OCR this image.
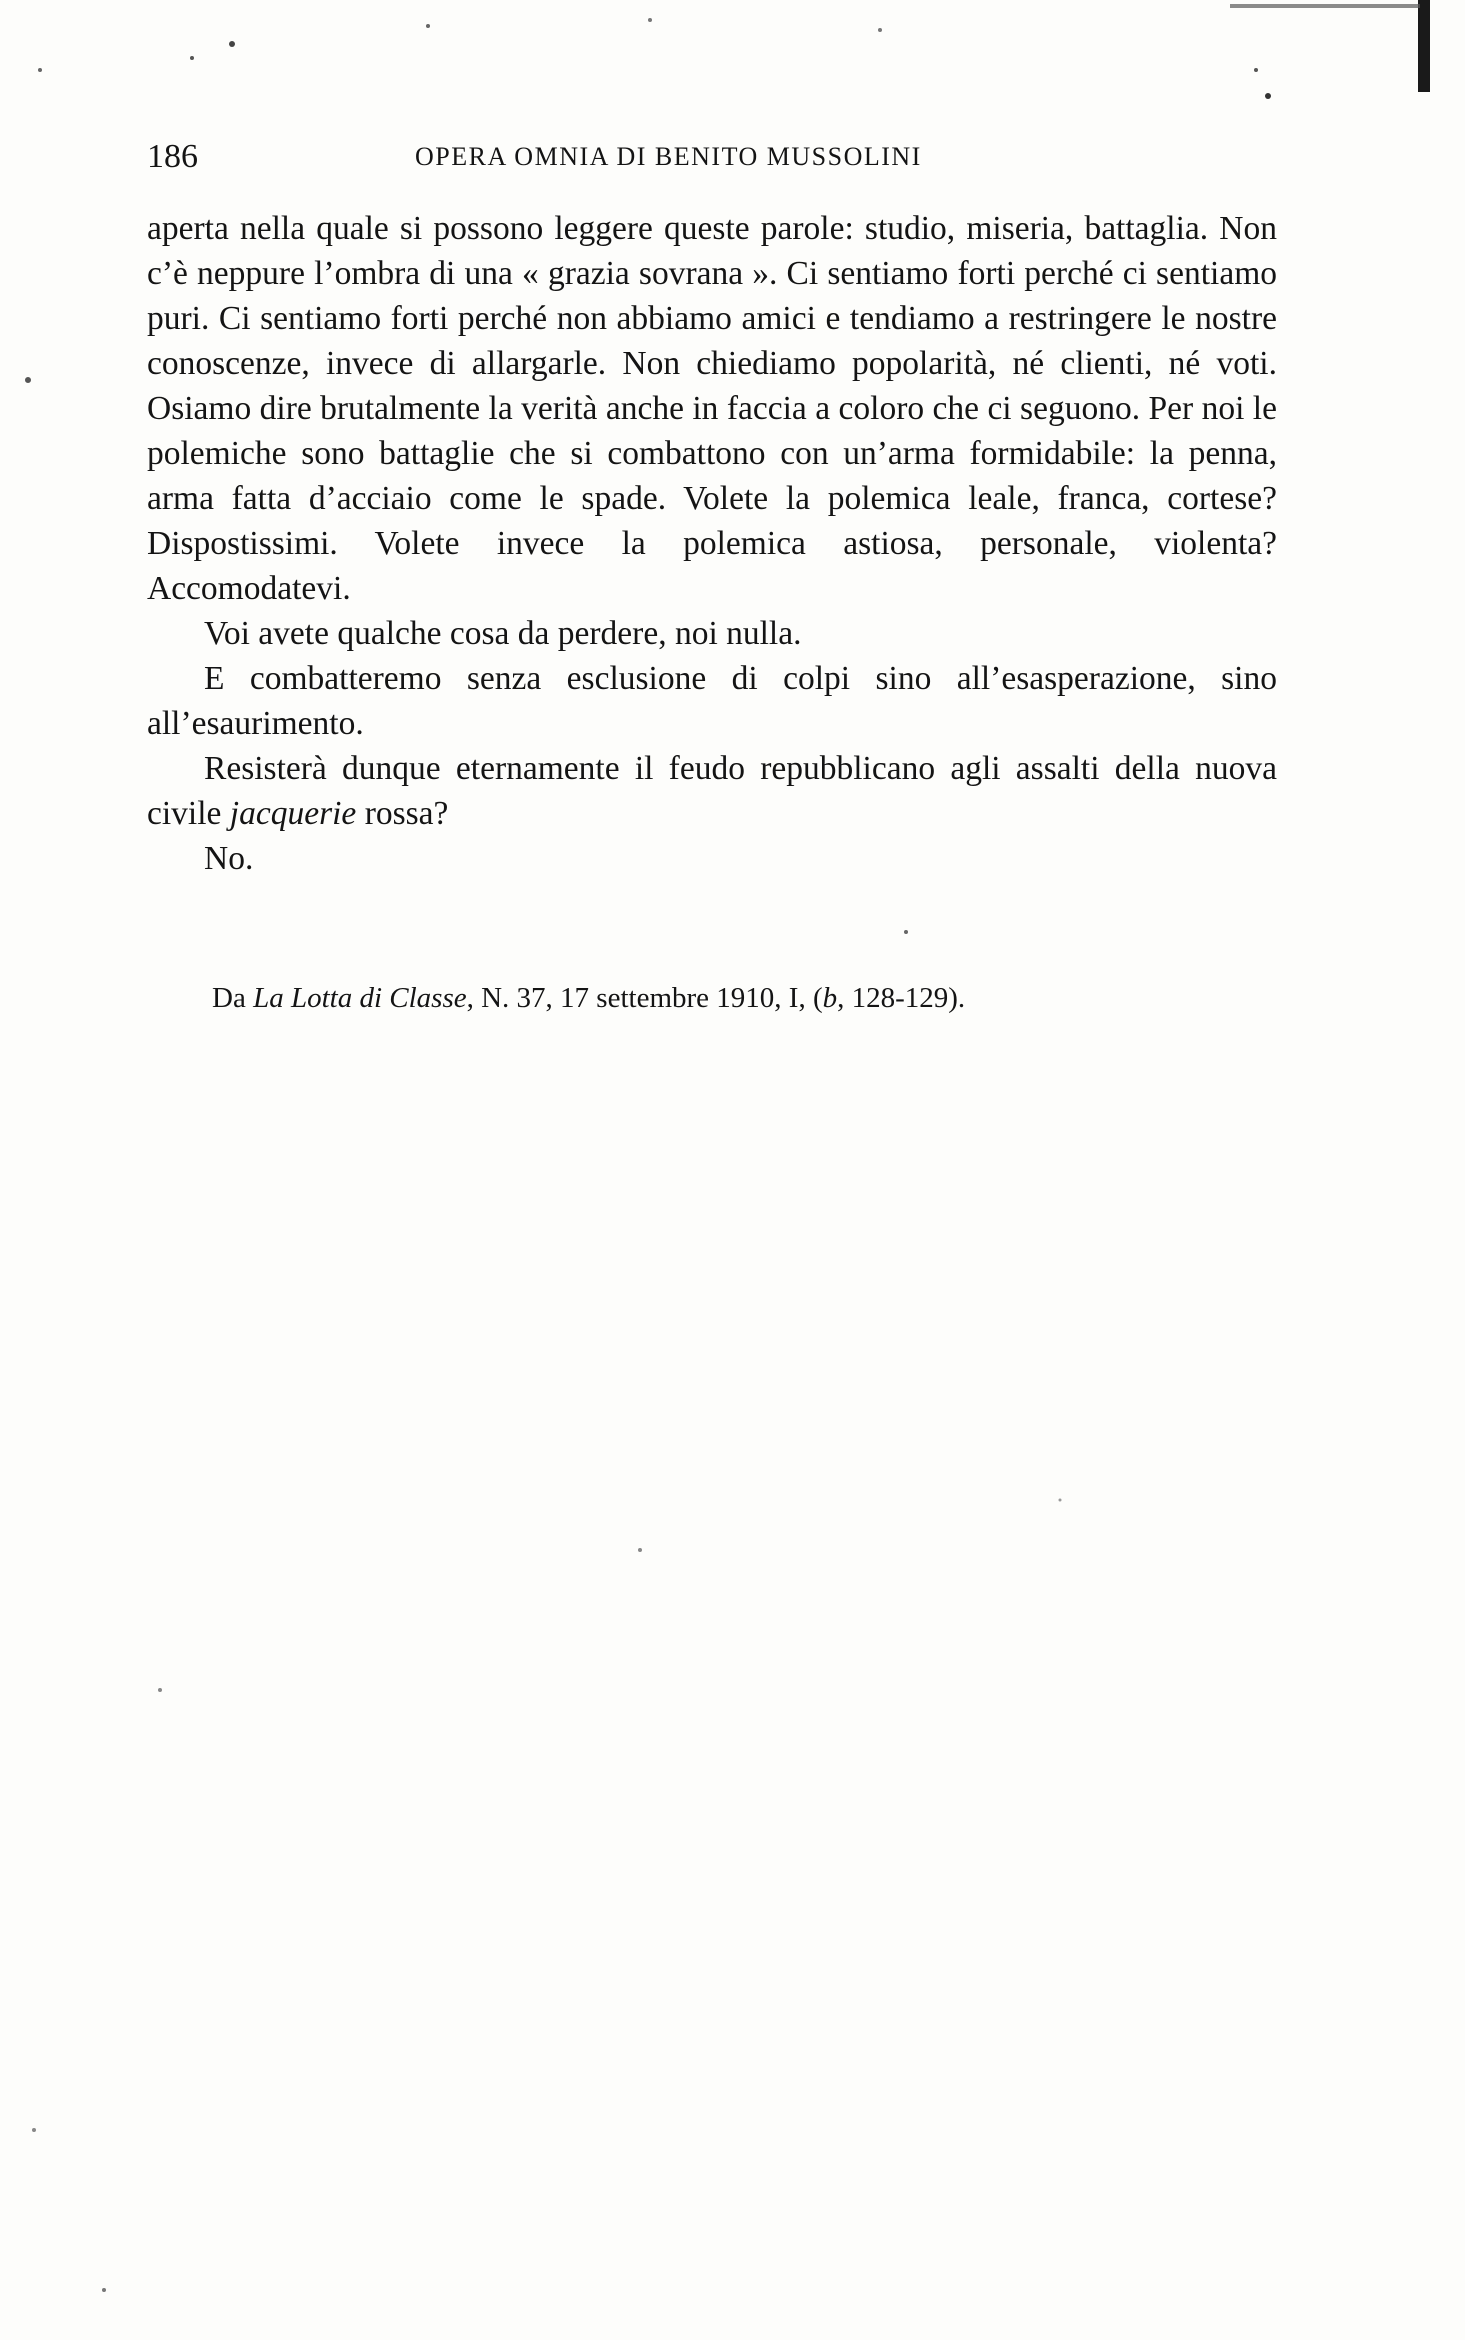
186	OPERA OMNIA DI BENITO MUSSOLINI

aperta nella quale si possono leggere queste parole: studio, miseria, battaglia. Non c’è neppure l’ombra di una « grazia sovrana ». Ci sentiamo forti perché ci sentiamo puri. Ci sentiamo forti perché non abbiamo amici e tendiamo a restringere le nostre conoscenze, invece di allargarle. Non chiediamo popolarità, né clienti, né voti. Osiamo dire brutalmente la verità anche in faccia a coloro che ci seguono. Per noi le polemiche sono battaglie che si combattono con un’arma formidabile: la penna, arma fatta d’acciaio come le spade. Volete la polemica leale, franca, cortese? Dispostissimi. Volete invece la polemica astiosa, personale, violenta? Accomodatevi.

Voi avete qualche cosa da perdere, noi nulla.

E combatteremo senza esclusione di colpi sino all’esasperazione, sino all’esaurimento.

Resisterà dunque eternamente il feudo repubblicano agli assalti della nuova civile jacquerie rossa?

No.

Da La Lotta di Classe, N. 37, 17 settembre 1910, I, (b, 128-129).
